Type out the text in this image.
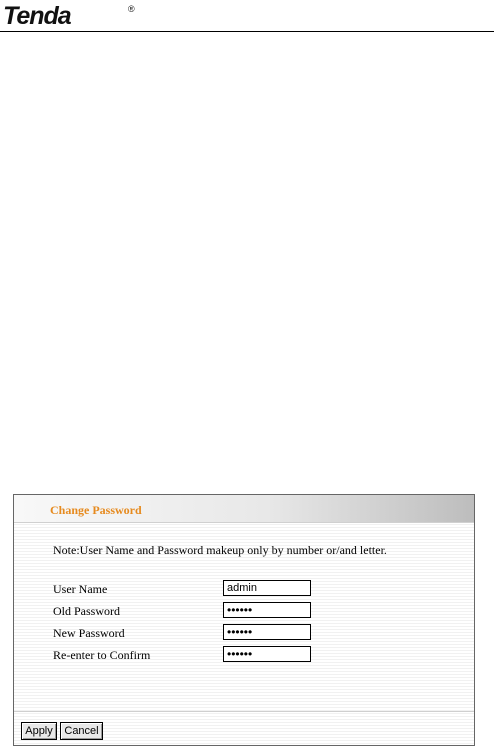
Tenda	®
Change Password
Note:User Name and Password makeup only by number or/and letter.
User Name
admin
Old Password
••••••
New Password
••••••
Re-enter to Confirm
••••••
Apply	Cancel
